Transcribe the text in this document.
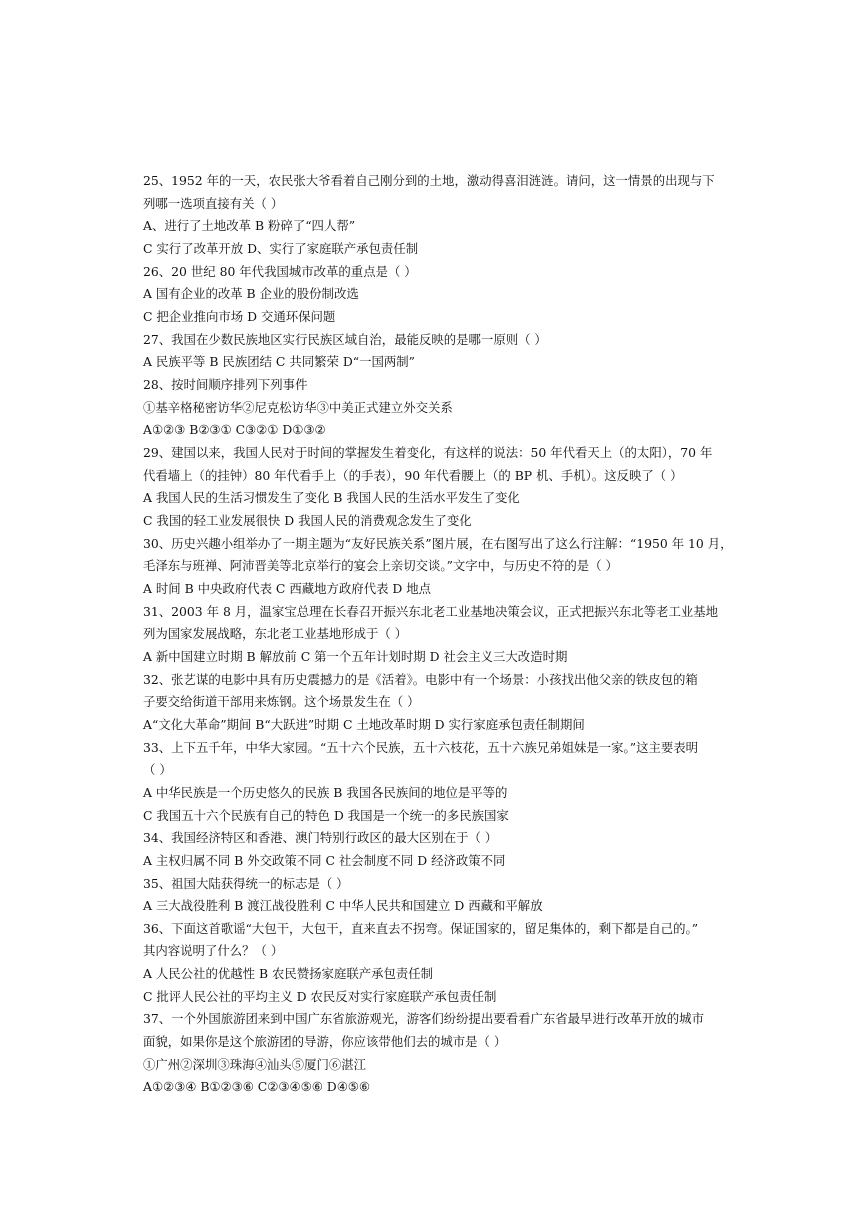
25、1952 年的一天，农民张大爷看着自己刚分到的土地，激动得喜泪涟涟。请问，这一情景的出现与下
列哪一选项直接有关（ ）
A、进行了土地改革 B 粉碎了“四人帮”
C 实行了改革开放 D、实行了家庭联产承包责任制
26、20 世纪 80 年代我国城市改革的重点是（ ）
A 国有企业的改革 B 企业的股份制改选
C 把企业推向市场 D 交通环保问题
27、我国在少数民族地区实行民族区域自治，最能反映的是哪一原则（ ）
A 民族平等 B 民族团结 C 共同繁荣 D“一国两制”
28、按时间顺序排列下列事件
①基辛格秘密访华②尼克松访华③中美正式建立外交关系
A①②③ B②③① C③②① D①③②
29、建国以来，我国人民对于时间的掌握发生着变化，有这样的说法：50 年代看天上（的太阳），70 年
代看墙上（的挂钟）80 年代看手上（的手表），90 年代看腰上（的 BP 机、手机）。这反映了（ ）
A 我国人民的生活习惯发生了变化 B 我国人民的生活水平发生了变化
C 我国的轻工业发展很快 D 我国人民的消费观念发生了变化
30、历史兴趣小组举办了一期主题为“友好民族关系”图片展，在右图写出了这么行注解：“1950 年 10 月，
毛泽东与班禅、阿沛晋美等北京举行的宴会上亲切交谈。”文字中，与历史不符的是（ ）
A 时间 B 中央政府代表 C 西藏地方政府代表 D 地点
31、2003 年 8 月，温家宝总理在长春召开振兴东北老工业基地决策会议，正式把振兴东北等老工业基地
列为国家发展战略，东北老工业基地形成于（ ）
A 新中国建立时期 B 解放前 C 第一个五年计划时期 D 社会主义三大改造时期
32、张艺谋的电影中具有历史震撼力的是《活着》。电影中有一个场景：小孩找出他父亲的铁皮包的箱
子要交给街道干部用来炼钢。这个场景发生在（ ）
A“文化大革命”期间 B“大跃进”时期 C 土地改革时期 D 实行家庭承包责任制期间
33、上下五千年，中华大家园。“五十六个民族，五十六枝花，五十六族兄弟姐妹是一家。”这主要表明
（ ）
A 中华民族是一个历史悠久的民族 B 我国各民族间的地位是平等的
C 我国五十六个民族有自己的特色 D 我国是一个统一的多民族国家
34、我国经济特区和香港、澳门特别行政区的最大区别在于（ ）
A 主权归属不同 B 外交政策不同 C 社会制度不同 D 经济政策不同
35、祖国大陆获得统一的标志是（ ）
A 三大战役胜利 B 渡江战役胜利 C 中华人民共和国建立 D 西藏和平解放
36、下面这首歌谣“大包干，大包干，直来直去不拐弯。保证国家的，留足集体的，剩下都是自己的。”
其内容说明了什么？（ ）
A 人民公社的优越性 B 农民赞扬家庭联产承包责任制
C 批评人民公社的平均主义 D 农民反对实行家庭联产承包责任制
37、一个外国旅游团来到中国广东省旅游观光，游客们纷纷提出要看看广东省最早进行改革开放的城市
面貌，如果你是这个旅游团的导游，你应该带他们去的城市是（ ）
①广州②深圳③珠海④汕头⑤厦门⑥湛江
A①②③④ B①②③⑥ C②③④⑤⑥ D④⑤⑥
